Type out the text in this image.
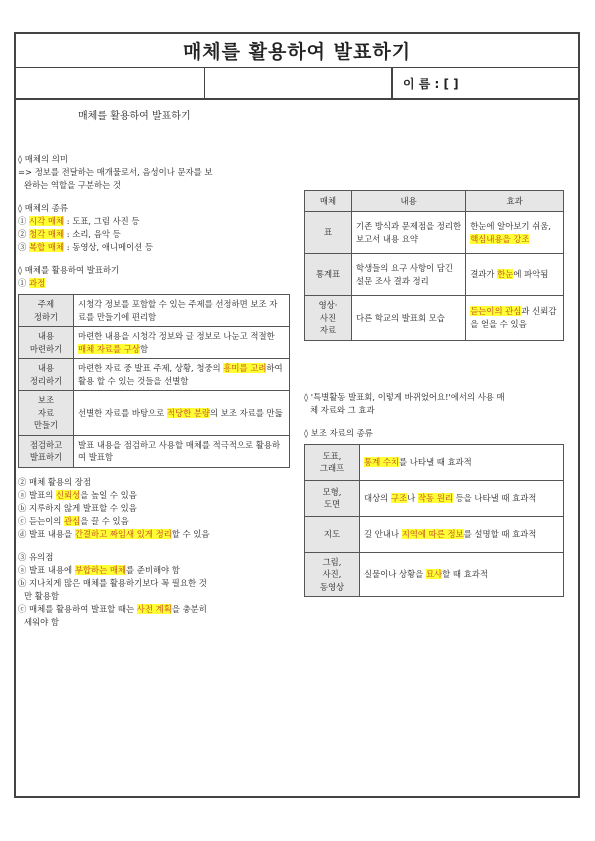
매체를 활용하여 발표하기
이 름 : [ ]

매체를 활용하여 발표하기

◊ 매체의 의미

=> 정보를 전달하는 매개물로서, 음성이나 문자를 보

완하는 역할을 구분하는 것

◊ 매체의 종류

① 시각 매체 : 도표, 그림 사진 등

② 청각 매체 : 소리, 음악 등

③ 복합 매체 : 동영상, 애니메이션 등

◊ 매체를 활용하여 발표하기

① 과정

주제
정하기	시청각 정보를 포함할 수 있는 주제를 선정하면 보조 자료를 만들기에 편리함
내용
마련하기	마련한 내용을 시청각 정보와 글 정보로 나눈고 적절한 매체 자료를 구상함
내용
정리하기	마련한 자료 중 발표 주제, 상황, 청중의 흥미를 고려하여 활용 할 수 있는 것들을 선별함
보조
자료
만들기	선별한 자료를 바탕으로 적당한 분량의 보조 자료를 만듦
점검하고
발표하기	발표 내용을 점검하고 사용할 매체를 적극적으로 활용하여 발표함

② 매체 활용의 장점

ⓐ 발표의 신뢰성을 높일 수 있음

ⓑ 지루하지 않게 발표할 수 있음

ⓒ 듣는이의 관심을 끌 수 있음

ⓓ 발표 내용을 간결하고 짜임새 있게 정리할 수 있음

③ 유의점

ⓐ 발표 내용에 부합하는 매체를 준비해야 함

ⓑ 지나치게 많은 매체를 활용하기보다 꼭 필요한 것

만 활용함

ⓒ 매체를 활용하여 발표할 때는 사전 계획을 충분히

세워야 함

매체	내용	효과
표	기존 방식과 문제점을 정리한 보고서 내용 요약	한눈에 알아보기 쉬움, 핵심내용을 강조
통계표	학생들의 요구 사항이 담긴 설문 조사 결과 정리	결과가 한눈에 파악됨
영상·
사진
자료	다른 학교의 발표회 모습	듣는이의 관심과 신뢰감을 얻을 수 있음

◊ '특별활동 발표회, 이렇게 바뀌었어요!'에서의 사용 매

체 자료와 그 효과

◊ 보조 자료의 종류

도표,
그래프	통계 수치를 나타낼 때 효과적
모형,
도면	대상의 구조나 작동 원리 등을 나타낼 때 효과적
지도	길 안내나 지역에 따른 정보를 설명할 때 효과적
그림,
사진,
동영상	실물이나 상황을 묘사할 때 효과적
